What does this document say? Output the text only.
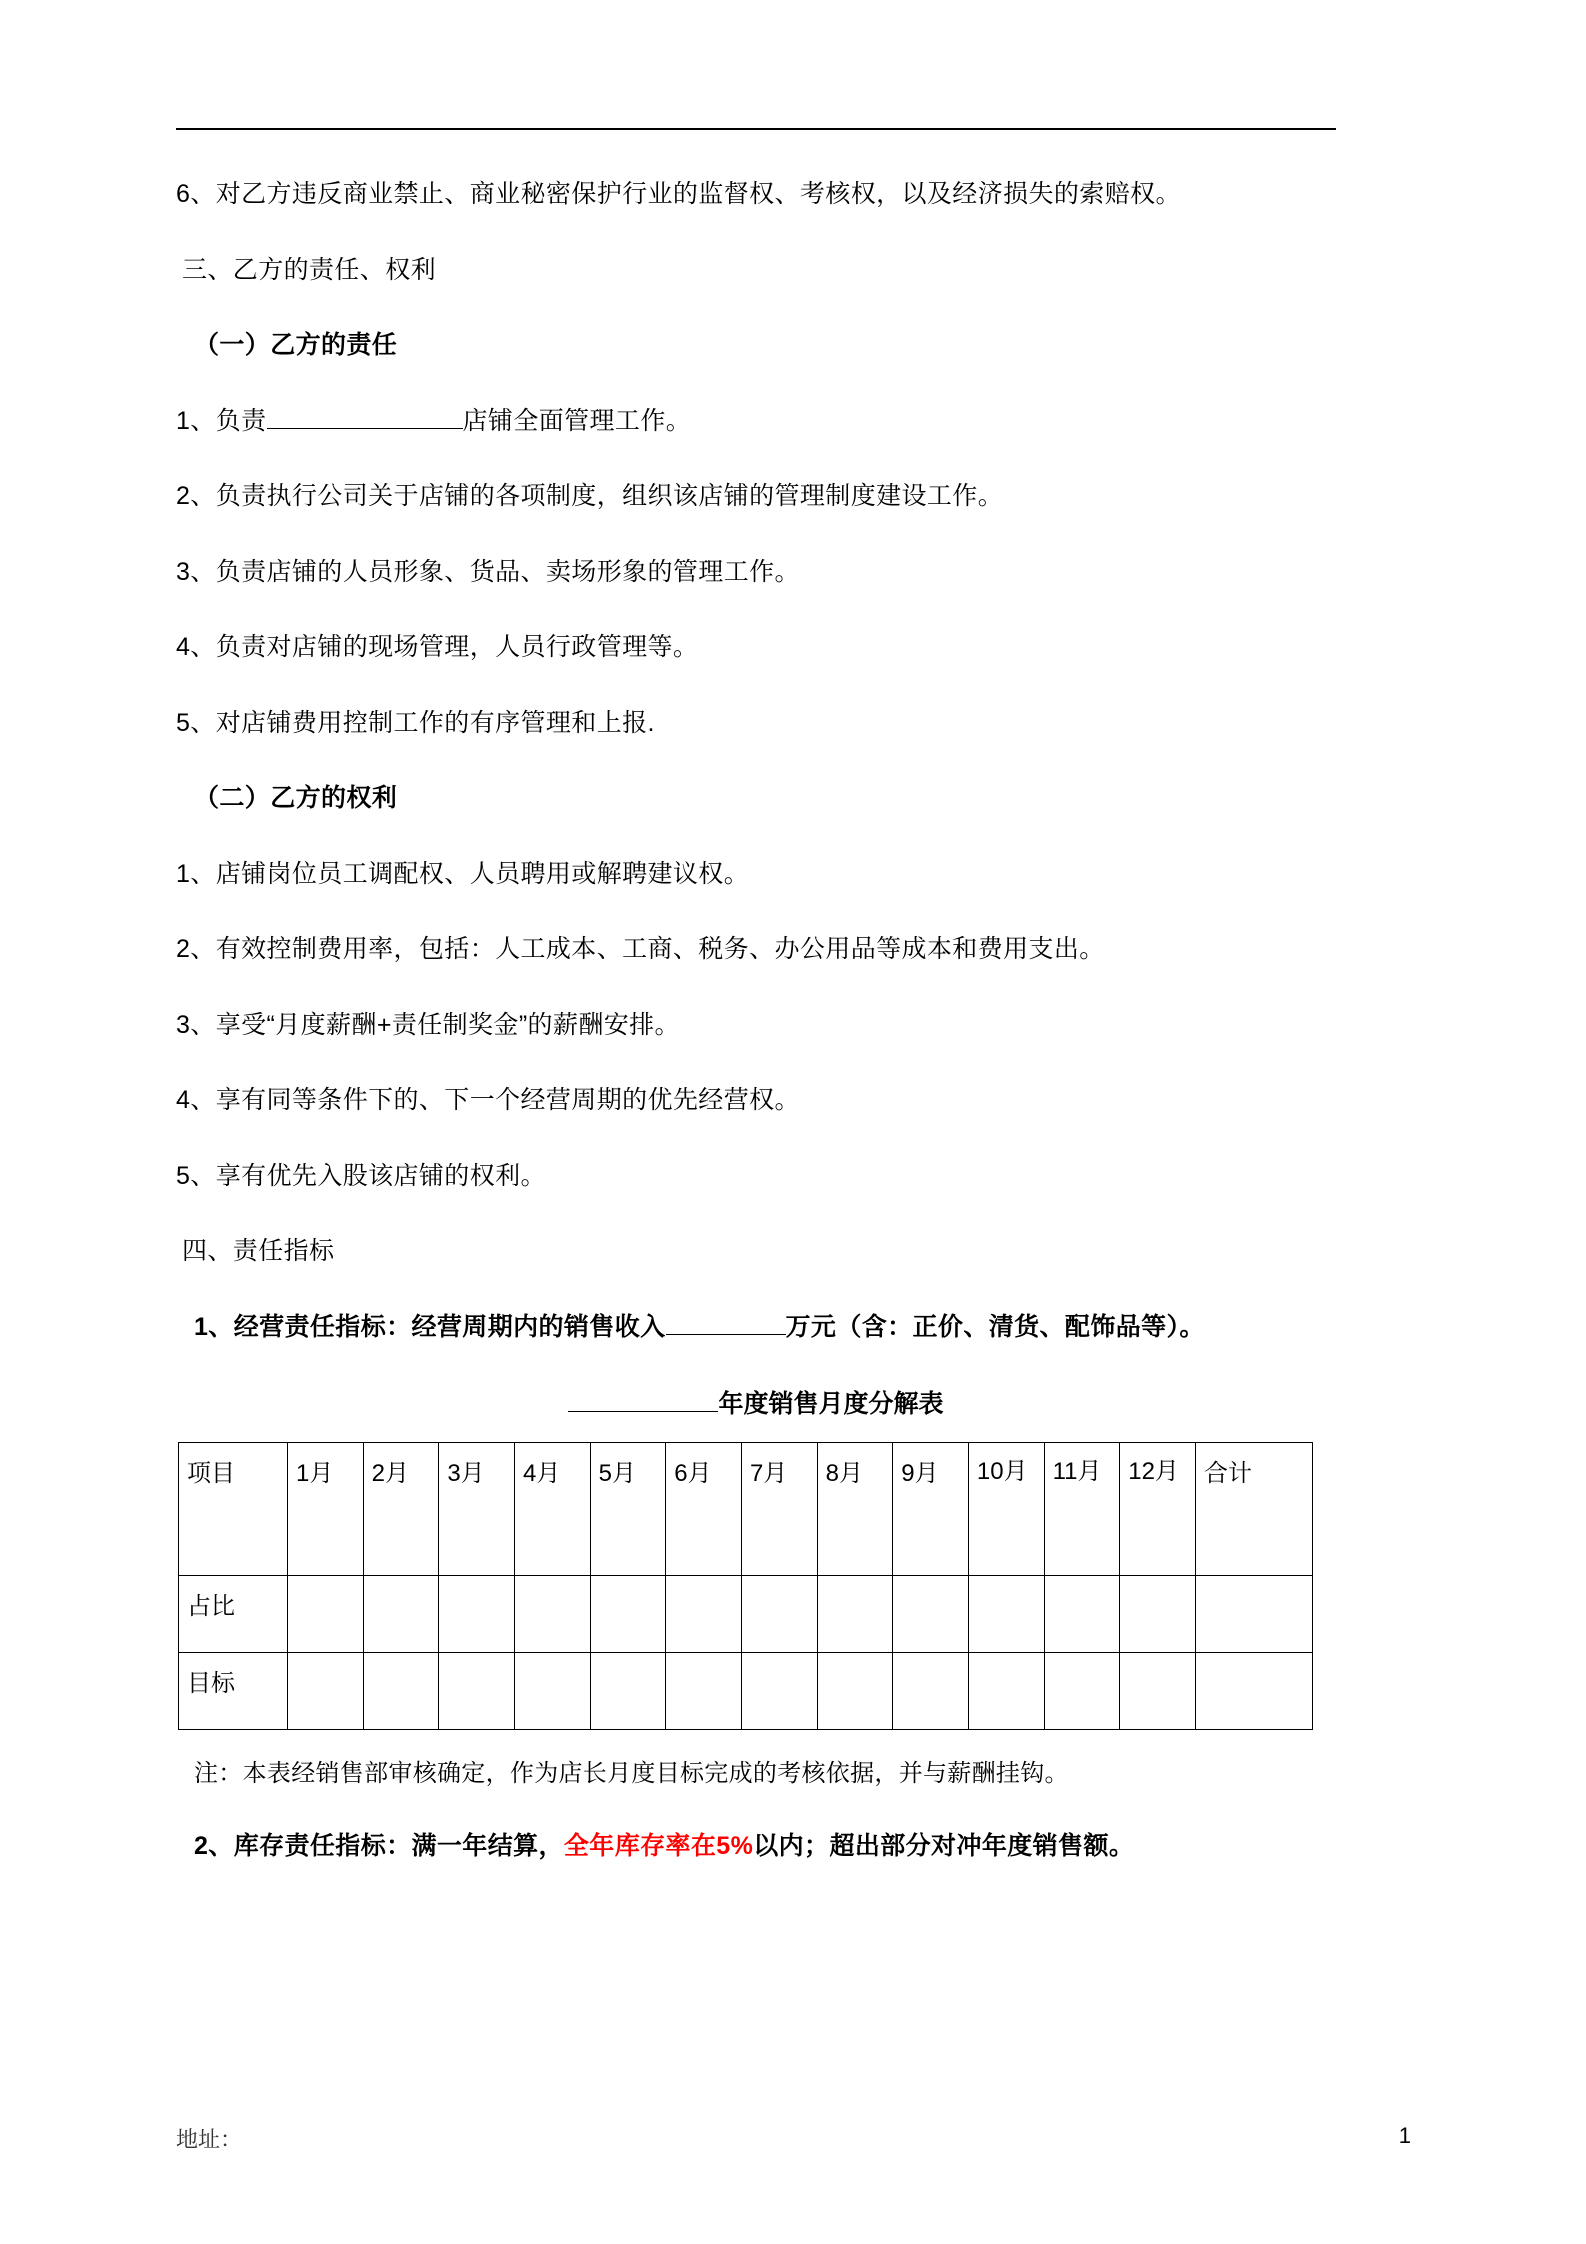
6、对乙方违反商业禁止、商业秘密保护行业的监督权、考核权，以及经济损失的索赔权。

三、乙方的责任、权利

（一）乙方的责任

1、负责	店铺全面管理工作。

2、负责执行公司关于店铺的各项制度，组织该店铺的管理制度建设工作。

3、负责店铺的人员形象、货品、卖场形象的管理工作。

4、负责对店铺的现场管理，人员行政管理等。

5、对店铺费用控制工作的有序管理和上报.

（二）乙方的权利

1、店铺岗位员工调配权、人员聘用或解聘建议权。

2、有效控制费用率，包括：人工成本、工商、税务、办公用品等成本和费用支出。

3、享受“月度薪酬+责任制奖金”的薪酬安排。

4、享有同等条件下的、下一个经营周期的优先经营权。

5、享有优先入股该店铺的权利。

四、责任指标

1、经营责任指标：经营周期内的销售收入	万元（含：正价、清货、配饰品等）。

年度销售月度分解表
项目	1月	2月	3月	4月	5月	6月	7月	8月	9月	10月	11月	12月	合计
占比													
目标													

注：本表经销售部审核确定，作为店长月度目标完成的考核依据，并与薪酬挂钩。

2、库存责任指标：满一年结算，全年库存率在5%以内；超出部分对冲年度销售额。

地址：	1
